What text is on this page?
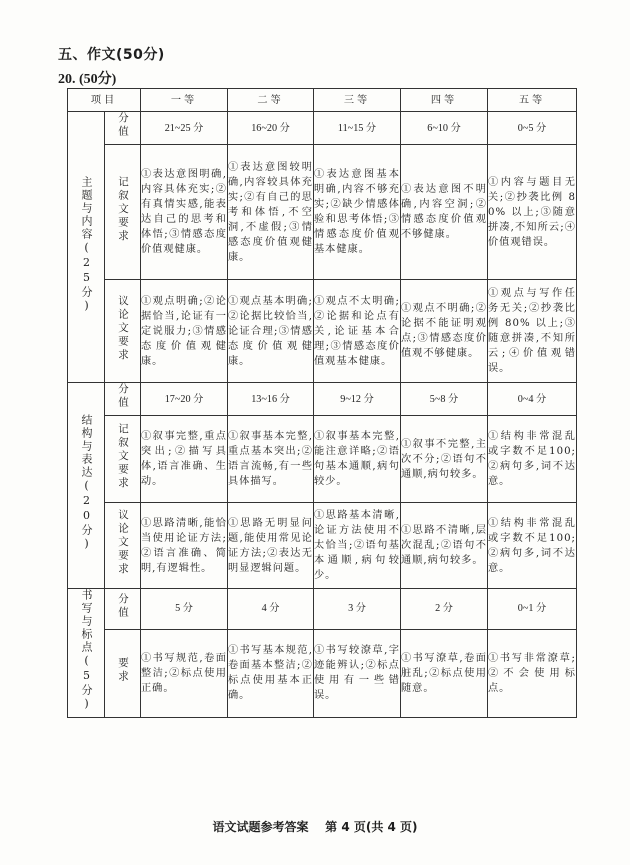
五、作文(50分)
20. (50分)
项目		一等	二等	三等	四等	五等
主题与内容(25分)	分值	21~25 分	16~20 分	11~15 分	6~10 分	0~5 分
	记叙文要求	①表达意图明确,内容具体充实;②有真情实感,能表达自己的思考和体悟;③情感态度价值观健康。	①表达意图较明确,内容较具体充实;②有自己的思考和体悟,不空洞,不虚假;③情感态度价值观健康。	①表达意图基本明确,内容不够充实;②缺少情感体验和思考体悟;③情感态度价值观基本健康。	①表达意图不明确,内容空洞;②情感态度价值观不够健康。	①内容与题目无关;②抄袭比例 80% 以上;③随意拼凑,不知所云;④价值观错误。
	议论文要求	①观点明确;②论据恰当,论证有一定说服力;③情感态度价值观健康。	①观点基本明确;②论据比较恰当,论证合理;③情感态度价值观健康。	①观点不太明确;②论据和论点有关,论证基本合理;③情感态度价值观基本健康。	①观点不明确;②论据不能证明观点;③情感态度价值观不够健康。	①观点与写作任务无关;②抄袭比例 80% 以上;③随意拼凑,不知所云;④价值观错误。
结构与表达(20分)	分值	17~20 分	13~16 分	9~12 分	5~8 分	0~4 分
	记叙文要求	①叙事完整,重点突出;②描写具体,语言准确、生动。	①叙事基本完整,重点基本突出;②语言流畅,有一些具体描写。	①叙事基本完整,能注意详略;②语句基本通顺,病句较少。	①叙事不完整,主次不分;②语句不通顺,病句较多。	①结构非常混乱或字数不足100;②病句多,词不达意。
	议论文要求	①思路清晰,能恰当使用论证方法;②语言准确、简明,有逻辑性。	①思路无明显问题,能使用常见论证方法;②表达无明显逻辑问题。	①思路基本清晰,论证方法使用不太恰当;②语句基本通顺,病句较少。	①思路不清晰,层次混乱;②语句不通顺,病句较多。	①结构非常混乱或字数不足100;②病句多,词不达意。
书写与标点(5分)	分值	5 分	4 分	3 分	2 分	0~1 分
	要求	①书写规范,卷面整洁;②标点使用正确。	①书写基本规范,卷面基本整洁;②标点使用基本正确。	①书写较潦草,字迹能辨认;②标点使用有一些错误。	①书写潦草,卷面脏乱;②标点使用随意。	①书写非常潦草;②不会使用标点。
语文试题参考答案    第 4 页(共 4 页)
